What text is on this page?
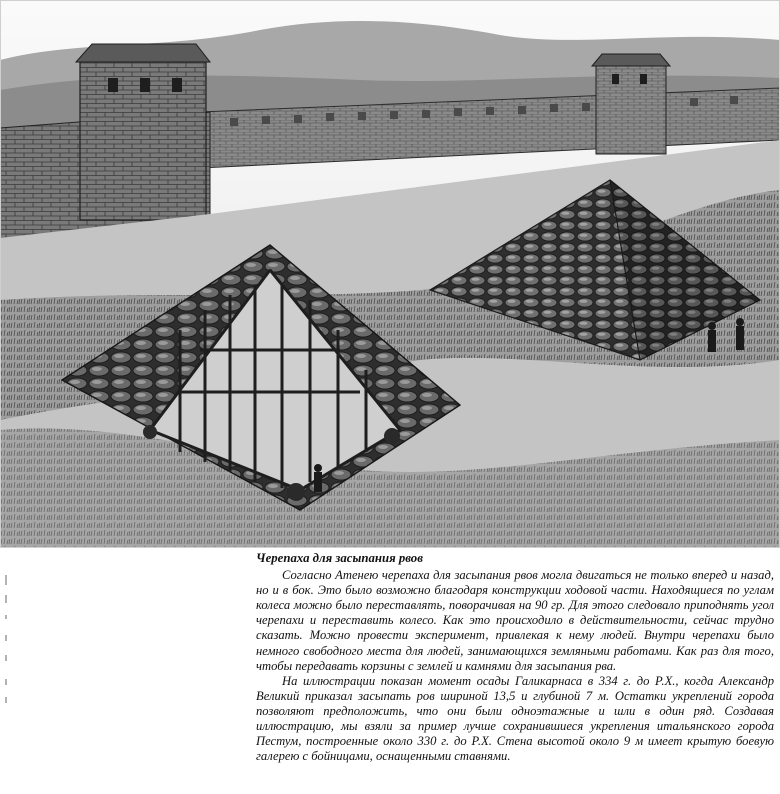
Черепаха для засыпания рвов

Согласно Атенею черепаха для засыпания рвов могла двигаться не только вперед и назад, но и в бок. Это было возможно благодаря конструкции ходовой части. Находящиеся по углам колеса можно было переставлять, поворачивая на 90 гр. Для этого следовало приподнять угол черепахи и переставить колесо. Как это происходило в действительности, сейчас трудно сказать. Можно провести эксперимент, привлекая к нему людей. Внутри черепахи было немного свободного места для людей, занимающихся земляными работами. Как раз для того, чтобы передавать корзины с землей и камнями для засыпания рва.

На иллюстрации показан момент осады Галикарнаса в 334 г. до Р.Х., когда Александр Великий приказал засыпать ров шириной 13,5 и глубиной 7 м. Остатки укреплений города позволяют предположить, что они были одноэтажные и шли в один ряд. Создавая иллюстрацию, мы взяли за пример лучше сохранившиеся укрепления итальянского города Пестум, построенные около 330 г. до Р.Х. Стена высотой около 9 м имеет крытую боевую галерею с бойницами, оснащенными ставнями.
